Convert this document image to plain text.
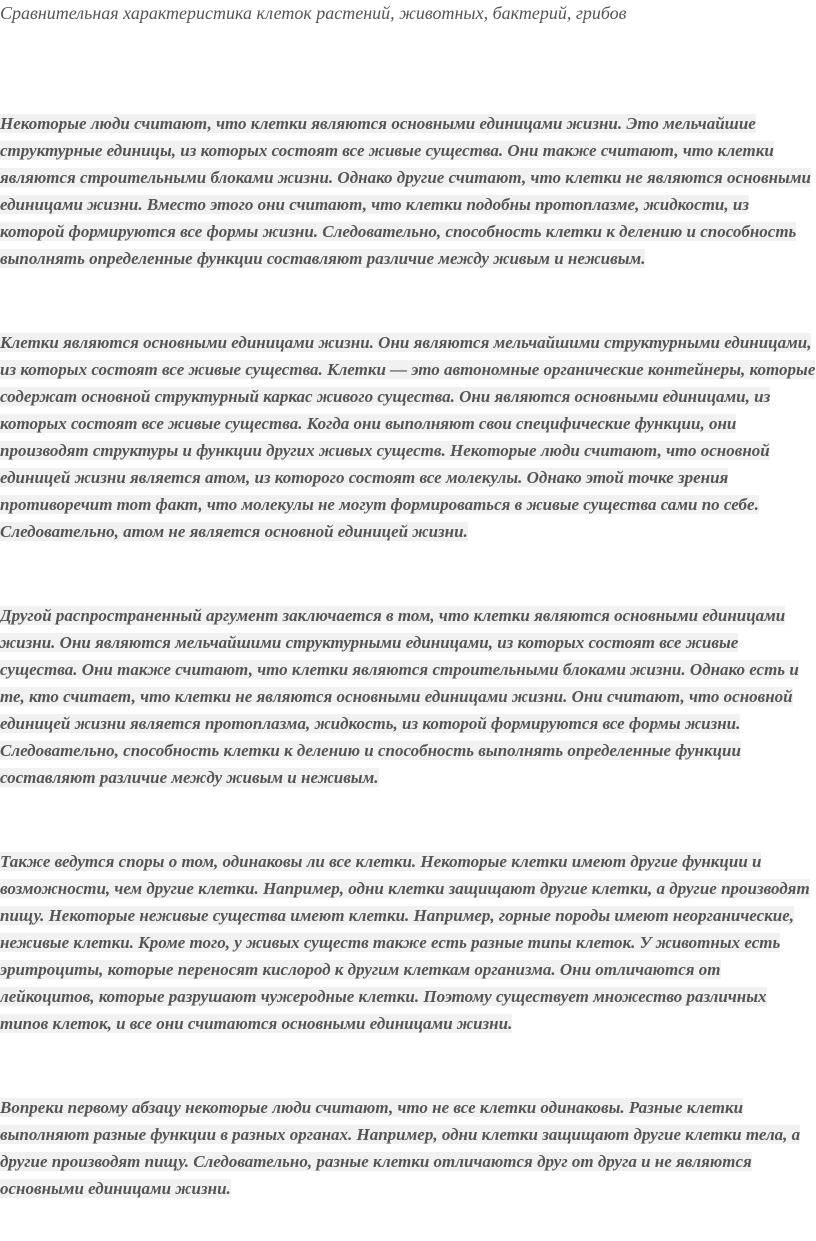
Сравнительная характеристика клеток растений, животных, бактерий, грибов

Некоторые люди считают, что клетки являются основными единицами жизни. Это мельчайшие структурные единицы, из которых состоят все живые существа. Они также считают, что клетки являются строительными блоками жизни. Однако другие считают, что клетки не являются основными единицами жизни. Вместо этого они считают, что клетки подобны протоплазме, жидкости, из которой формируются все формы жизни. Следовательно, способность клетки к делению и способность выполнять определенные функции составляют различие между живым и неживым.

Клетки являются основными единицами жизни. Они являются мельчайшими структурными единицами, из которых состоят все живые существа. Клетки — это автономные органические контейнеры, которые содержат основной структурный каркас живого существа. Они являются основными единицами, из которых состоят все живые существа. Когда они выполняют свои специфические функции, они производят структуры и функции других живых существ. Некоторые люди считают, что основной единицей жизни является атом, из которого состоят все молекулы. Однако этой точке зрения противоречит тот факт, что молекулы не могут формироваться в живые существа сами по себе. Следовательно, атом не является основной единицей жизни.

Другой распространенный аргумент заключается в том, что клетки являются основными единицами жизни. Они являются мельчайшими структурными единицами, из которых состоят все живые существа. Они также считают, что клетки являются строительными блоками жизни. Однако есть и те, кто считает, что клетки не являются основными единицами жизни. Они считают, что основной единицей жизни является протоплазма, жидкость, из которой формируются все формы жизни. Следовательно, способность клетки к делению и способность выполнять определенные функции составляют различие между живым и неживым.

Также ведутся споры о том, одинаковы ли все клетки. Некоторые клетки имеют другие функции и возможности, чем другие клетки. Например, одни клетки защищают другие клетки, а другие производят пищу. Некоторые неживые существа имеют клетки. Например, горные породы имеют неорганические, неживые клетки. Кроме того, у живых существ также есть разные типы клеток. У животных есть эритроциты, которые переносят кислород к другим клеткам организма. Они отличаются от лейкоцитов, которые разрушают чужеродные клетки. Поэтому существует множество различных типов клеток, и все они считаются основными единицами жизни.

Вопреки первому абзацу некоторые люди считают, что не все клетки одинаковы. Разные клетки выполняют разные функции в разных органах. Например, одни клетки защищают другие клетки тела, а другие производят пищу. Следовательно, разные клетки отличаются друг от друга и не являются основными единицами жизни.
